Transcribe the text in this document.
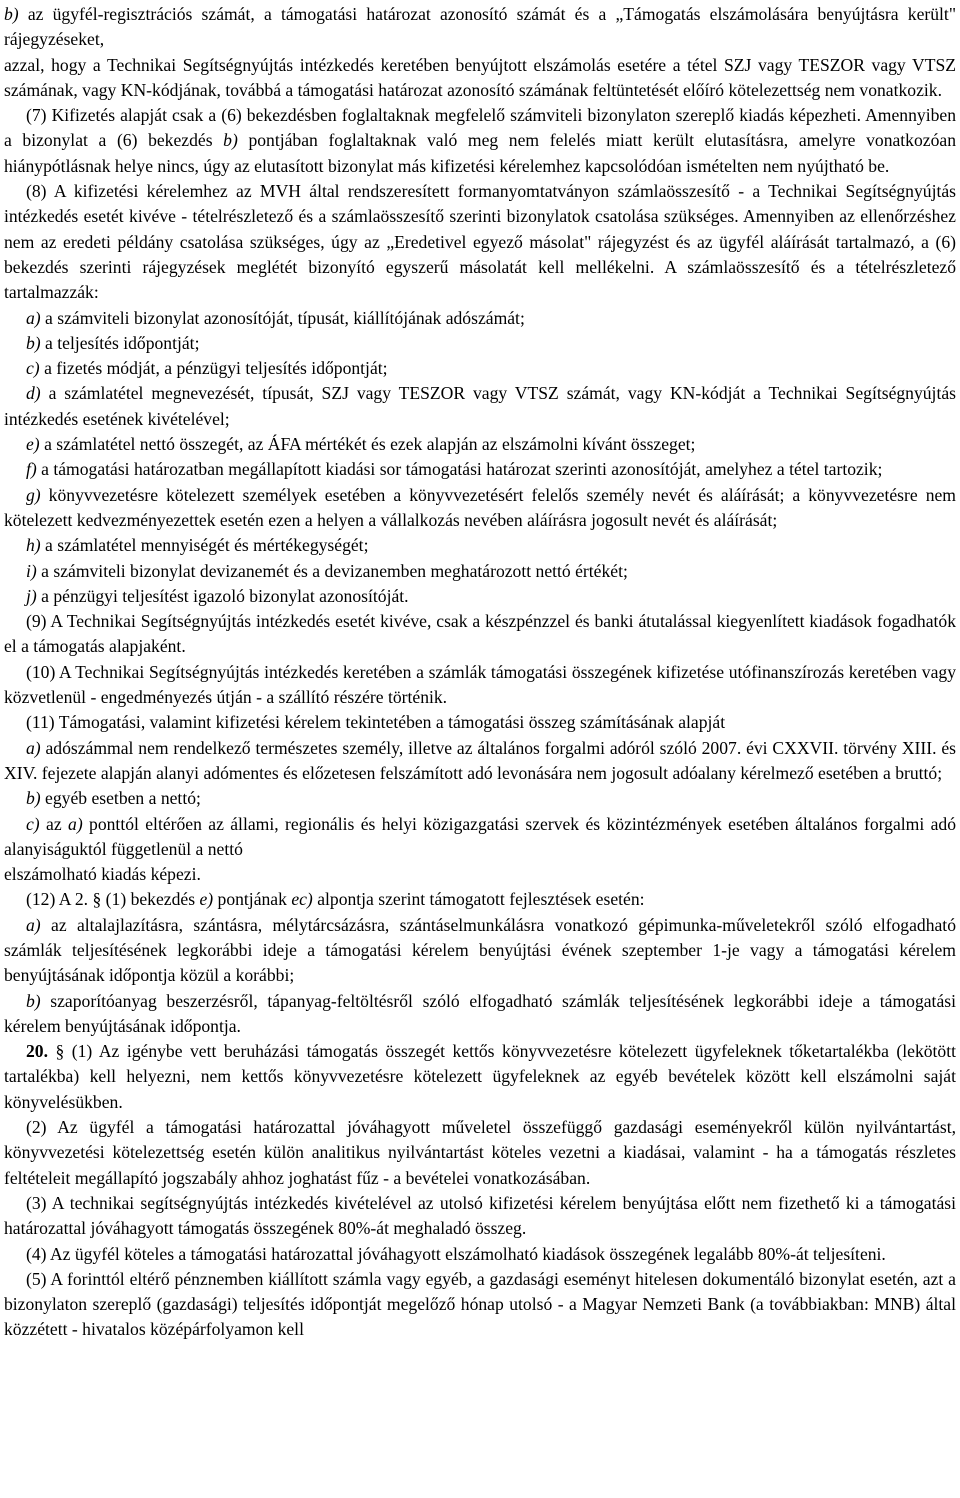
b) az ügyfél-regisztrációs számát, a támogatási határozat azonosító számát és a „Támogatás elszámolására benyújtásra került" rájegyzéseket,

azzal, hogy a Technikai Segítségnyújtás intézkedés keretében benyújtott elszámolás esetére a tétel SZJ vagy TESZOR vagy VTSZ számának, vagy KN-kódjának, továbbá a támogatási határozat azonosító számának feltüntetését előíró kötelezettség nem vonatkozik.

(7) Kifizetés alapját csak a (6) bekezdésben foglaltaknak megfelelő számviteli bizonylaton szereplő kiadás képezheti. Amennyiben a bizonylat a (6) bekezdés b) pontjában foglaltaknak való meg nem felelés miatt került elutasításra, amelyre vonatkozóan hiánypótlásnak helye nincs, úgy az elutasított bizonylat más kifizetési kérelemhez kapcsolódóan ismételten nem nyújtható be.

(8) A kifizetési kérelemhez az MVH által rendszeresített formanyomtatványon számlaösszesítő - a Technikai Segítségnyújtás intézkedés esetét kivéve - tételrészletező és a számlaösszesítő szerinti bizonylatok csatolása szükséges. Amennyiben az ellenőrzéshez nem az eredeti példány csatolása szükséges, úgy az „Eredetivel egyező másolat" rájegyzést és az ügyfél aláírását tartalmazó, a (6) bekezdés szerinti rájegyzések meglétét bizonyító egyszerű másolatát kell mellékelni. A számlaösszesítő és a tételrészletező tartalmazzák:

a) a számviteli bizonylat azonosítóját, típusát, kiállítójának adószámát;

b) a teljesítés időpontját;

c) a fizetés módját, a pénzügyi teljesítés időpontját;

d) a számlatétel megnevezését, típusát, SZJ vagy TESZOR vagy VTSZ számát, vagy KN-kódját a Technikai Segítségnyújtás intézkedés esetének kivételével;

e) a számlatétel nettó összegét, az ÁFA mértékét és ezek alapján az elszámolni kívánt összeget;

f) a támogatási határozatban megállapított kiadási sor támogatási határozat szerinti azonosítóját, amelyhez a tétel tartozik;

g) könyvvezetésre kötelezett személyek esetében a könyvvezetésért felelős személy nevét és aláírását; a könyvvezetésre nem kötelezett kedvezményezettek esetén ezen a helyen a vállalkozás nevében aláírásra jogosult nevét és aláírását;

h) a számlatétel mennyiségét és mértékegységét;

i) a számviteli bizonylat devizanemét és a devizanemben meghatározott nettó értékét;

j) a pénzügyi teljesítést igazoló bizonylat azonosítóját.

(9) A Technikai Segítségnyújtás intézkedés esetét kivéve, csak a készpénzzel és banki átutalással kiegyenlített kiadások fogadhatók el a támogatás alapjaként.

(10) A Technikai Segítségnyújtás intézkedés keretében a számlák támogatási összegének kifizetése utófinanszírozás keretében vagy közvetlenül - engedményezés útján - a szállító részére történik.

(11) Támogatási, valamint kifizetési kérelem tekintetében a támogatási összeg számításának alapját

a) adószámmal nem rendelkező természetes személy, illetve az általános forgalmi adóról szóló 2007. évi CXXVII. törvény XIII. és XIV. fejezete alapján alanyi adómentes és előzetesen felszámított adó levonására nem jogosult adóalany kérelmező esetében a bruttó;

b) egyéb esetben a nettó;

c) az a) ponttól eltérően az állami, regionális és helyi közigazgatási szervek és közintézmények esetében általános forgalmi adó alanyiságuktól függetlenül a nettó

elszámolható kiadás képezi.

(12) A 2. § (1) bekezdés e) pontjának ec) alpontja szerint támogatott fejlesztések esetén:

a) az altalajlazításra, szántásra, mélytárcsázásra, szántáselmunkálásra vonatkozó gépimunka-műveletekről szóló elfogadható számlák teljesítésének legkorábbi ideje a támogatási kérelem benyújtási évének szeptember 1-je vagy a támogatási kérelem benyújtásának időpontja közül a korábbi;

b) szaporítóanyag beszerzésről, tápanyag-feltöltésről szóló elfogadható számlák teljesítésének legkorábbi ideje a támogatási kérelem benyújtásának időpontja.

20. § (1) Az igénybe vett beruházási támogatás összegét kettős könyvvezetésre kötelezett ügyfeleknek tőketartalékba (lekötött tartalékba) kell helyezni, nem kettős könyvvezetésre kötelezett ügyfeleknek az egyéb bevételek között kell elszámolni saját könyvelésükben.

(2) Az ügyfél a támogatási határozattal jóváhagyott műveletel összefüggő gazdasági eseményekről külön nyilvántartást, könyvvezetési kötelezettség esetén külön analitikus nyilvántartást köteles vezetni a kiadásai, valamint - ha a támogatás részletes feltételeit megállapító jogszabály ahhoz joghatást fűz - a bevételei vonatkozásában.

(3) A technikai segítségnyújtás intézkedés kivételével az utolsó kifizetési kérelem benyújtása előtt nem fizethető ki a támogatási határozattal jóváhagyott támogatás összegének 80%-át meghaladó összeg.

(4) Az ügyfél köteles a támogatási határozattal jóváhagyott elszámolható kiadások összegének legalább 80%-át teljesíteni.

(5) A forinttól eltérő pénznemben kiállított számla vagy egyéb, a gazdasági eseményt hitelesen dokumentáló bizonylat esetén, azt a bizonylaton szereplő (gazdasági) teljesítés időpontját megelőző hónap utolsó - a Magyar Nemzeti Bank (a továbbiakban: MNB) által közzétett - hivatalos középárfolyamon kell
